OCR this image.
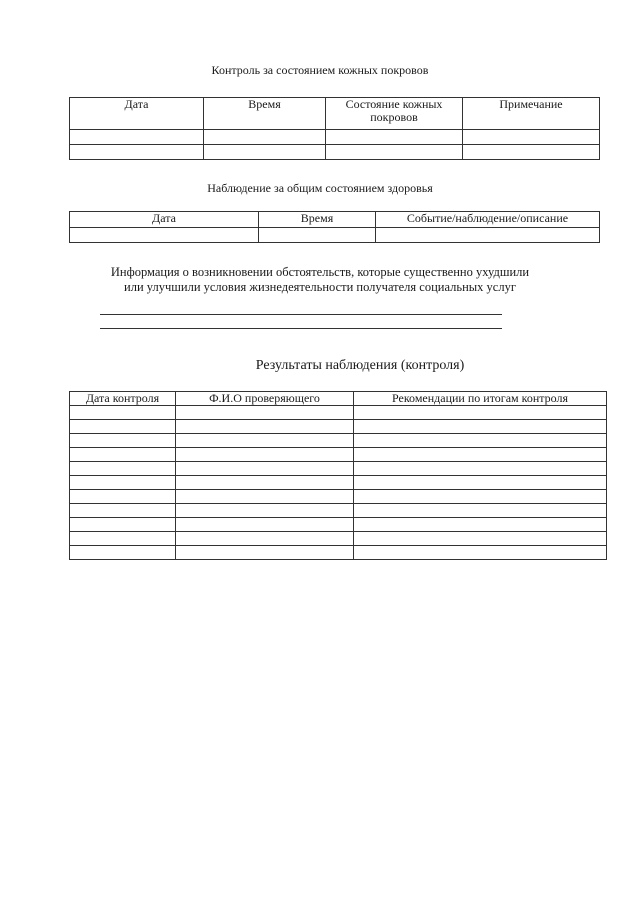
Контроль за состоянием кожных покровов

Дата	Время	Состояние кожных покровов	Примечание

Наблюдение за общим состоянием здоровья

Дата	Время	Событие/наблюдение/описание

Информация о возникновении обстоятельств, которые существенно ухудшили или улучшили условия жизнедеятельности получателя социальных услуг

Результаты наблюдения (контроля)

Дата контроля	Ф.И.О проверяющего	Рекомендации по итогам контроля
